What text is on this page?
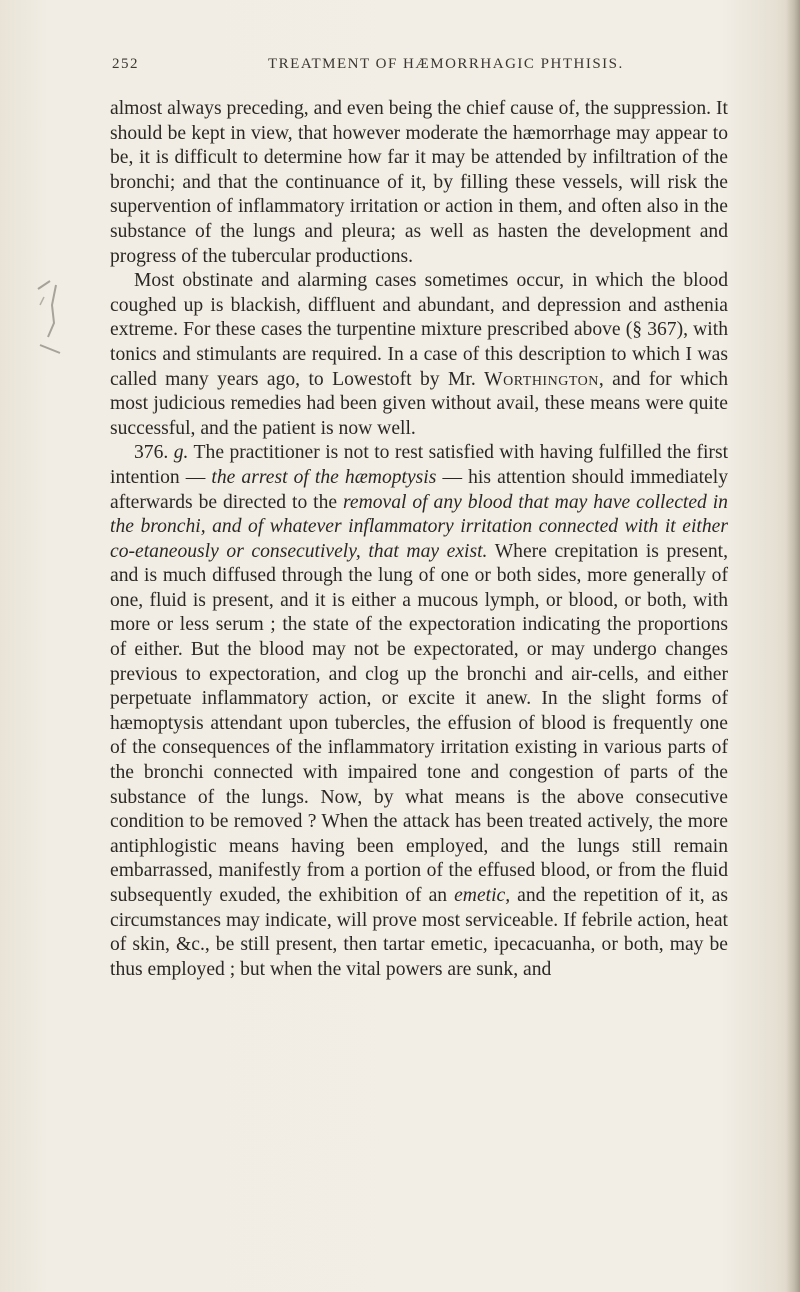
252	TREATMENT OF HÆMORRHAGIC PHTHISIS.

almost always preceding, and even being the chief cause of, the suppression. It should be kept in view, that however moderate the hæmorrhage may appear to be, it is difficult to determine how far it may be attended by infiltration of the bronchi; and that the continuance of it, by filling these vessels, will risk the supervention of inflammatory irritation or action in them, and often also in the substance of the lungs and pleura; as well as hasten the development and progress of the tubercular productions.

Most obstinate and alarming cases sometimes occur, in which the blood coughed up is blackish, diffluent and abundant, and depression and asthenia extreme. For these cases the turpentine mixture prescribed above (§ 367), with tonics and stimulants are required. In a case of this description to which I was called many years ago, to Lowestoft by Mr. Worthington, and for which most judicious remedies had been given without avail, these means were quite successful, and the patient is now well.

376. g. The practitioner is not to rest satisfied with having fulfilled the first intention — the arrest of the hæmoptysis — his attention should immediately afterwards be directed to the removal of any blood that may have collected in the bronchi, and of whatever inflammatory irritation connected with it either co-etaneously or consecutively, that may exist. Where crepitation is present, and is much diffused through the lung of one or both sides, more generally of one, fluid is present, and it is either a mucous lymph, or blood, or both, with more or less serum ; the state of the expectoration indicating the proportions of either. But the blood may not be expectorated, or may undergo changes previous to expectoration, and clog up the bronchi and air-cells, and either perpetuate inflammatory action, or excite it anew. In the slight forms of hæmoptysis attendant upon tubercles, the effusion of blood is frequently one of the consequences of the inflammatory irritation existing in various parts of the bronchi connected with impaired tone and congestion of parts of the substance of the lungs. Now, by what means is the above consecutive condition to be removed ? When the attack has been treated actively, the more antiphlogistic means having been employed, and the lungs still remain embarrassed, manifestly from a portion of the effused blood, or from the fluid subsequently exuded, the exhibition of an emetic, and the repetition of it, as circumstances may indicate, will prove most serviceable. If febrile action, heat of skin, &c., be still present, then tartar emetic, ipecacuanha, or both, may be thus employed ; but when the vital powers are sunk, and
